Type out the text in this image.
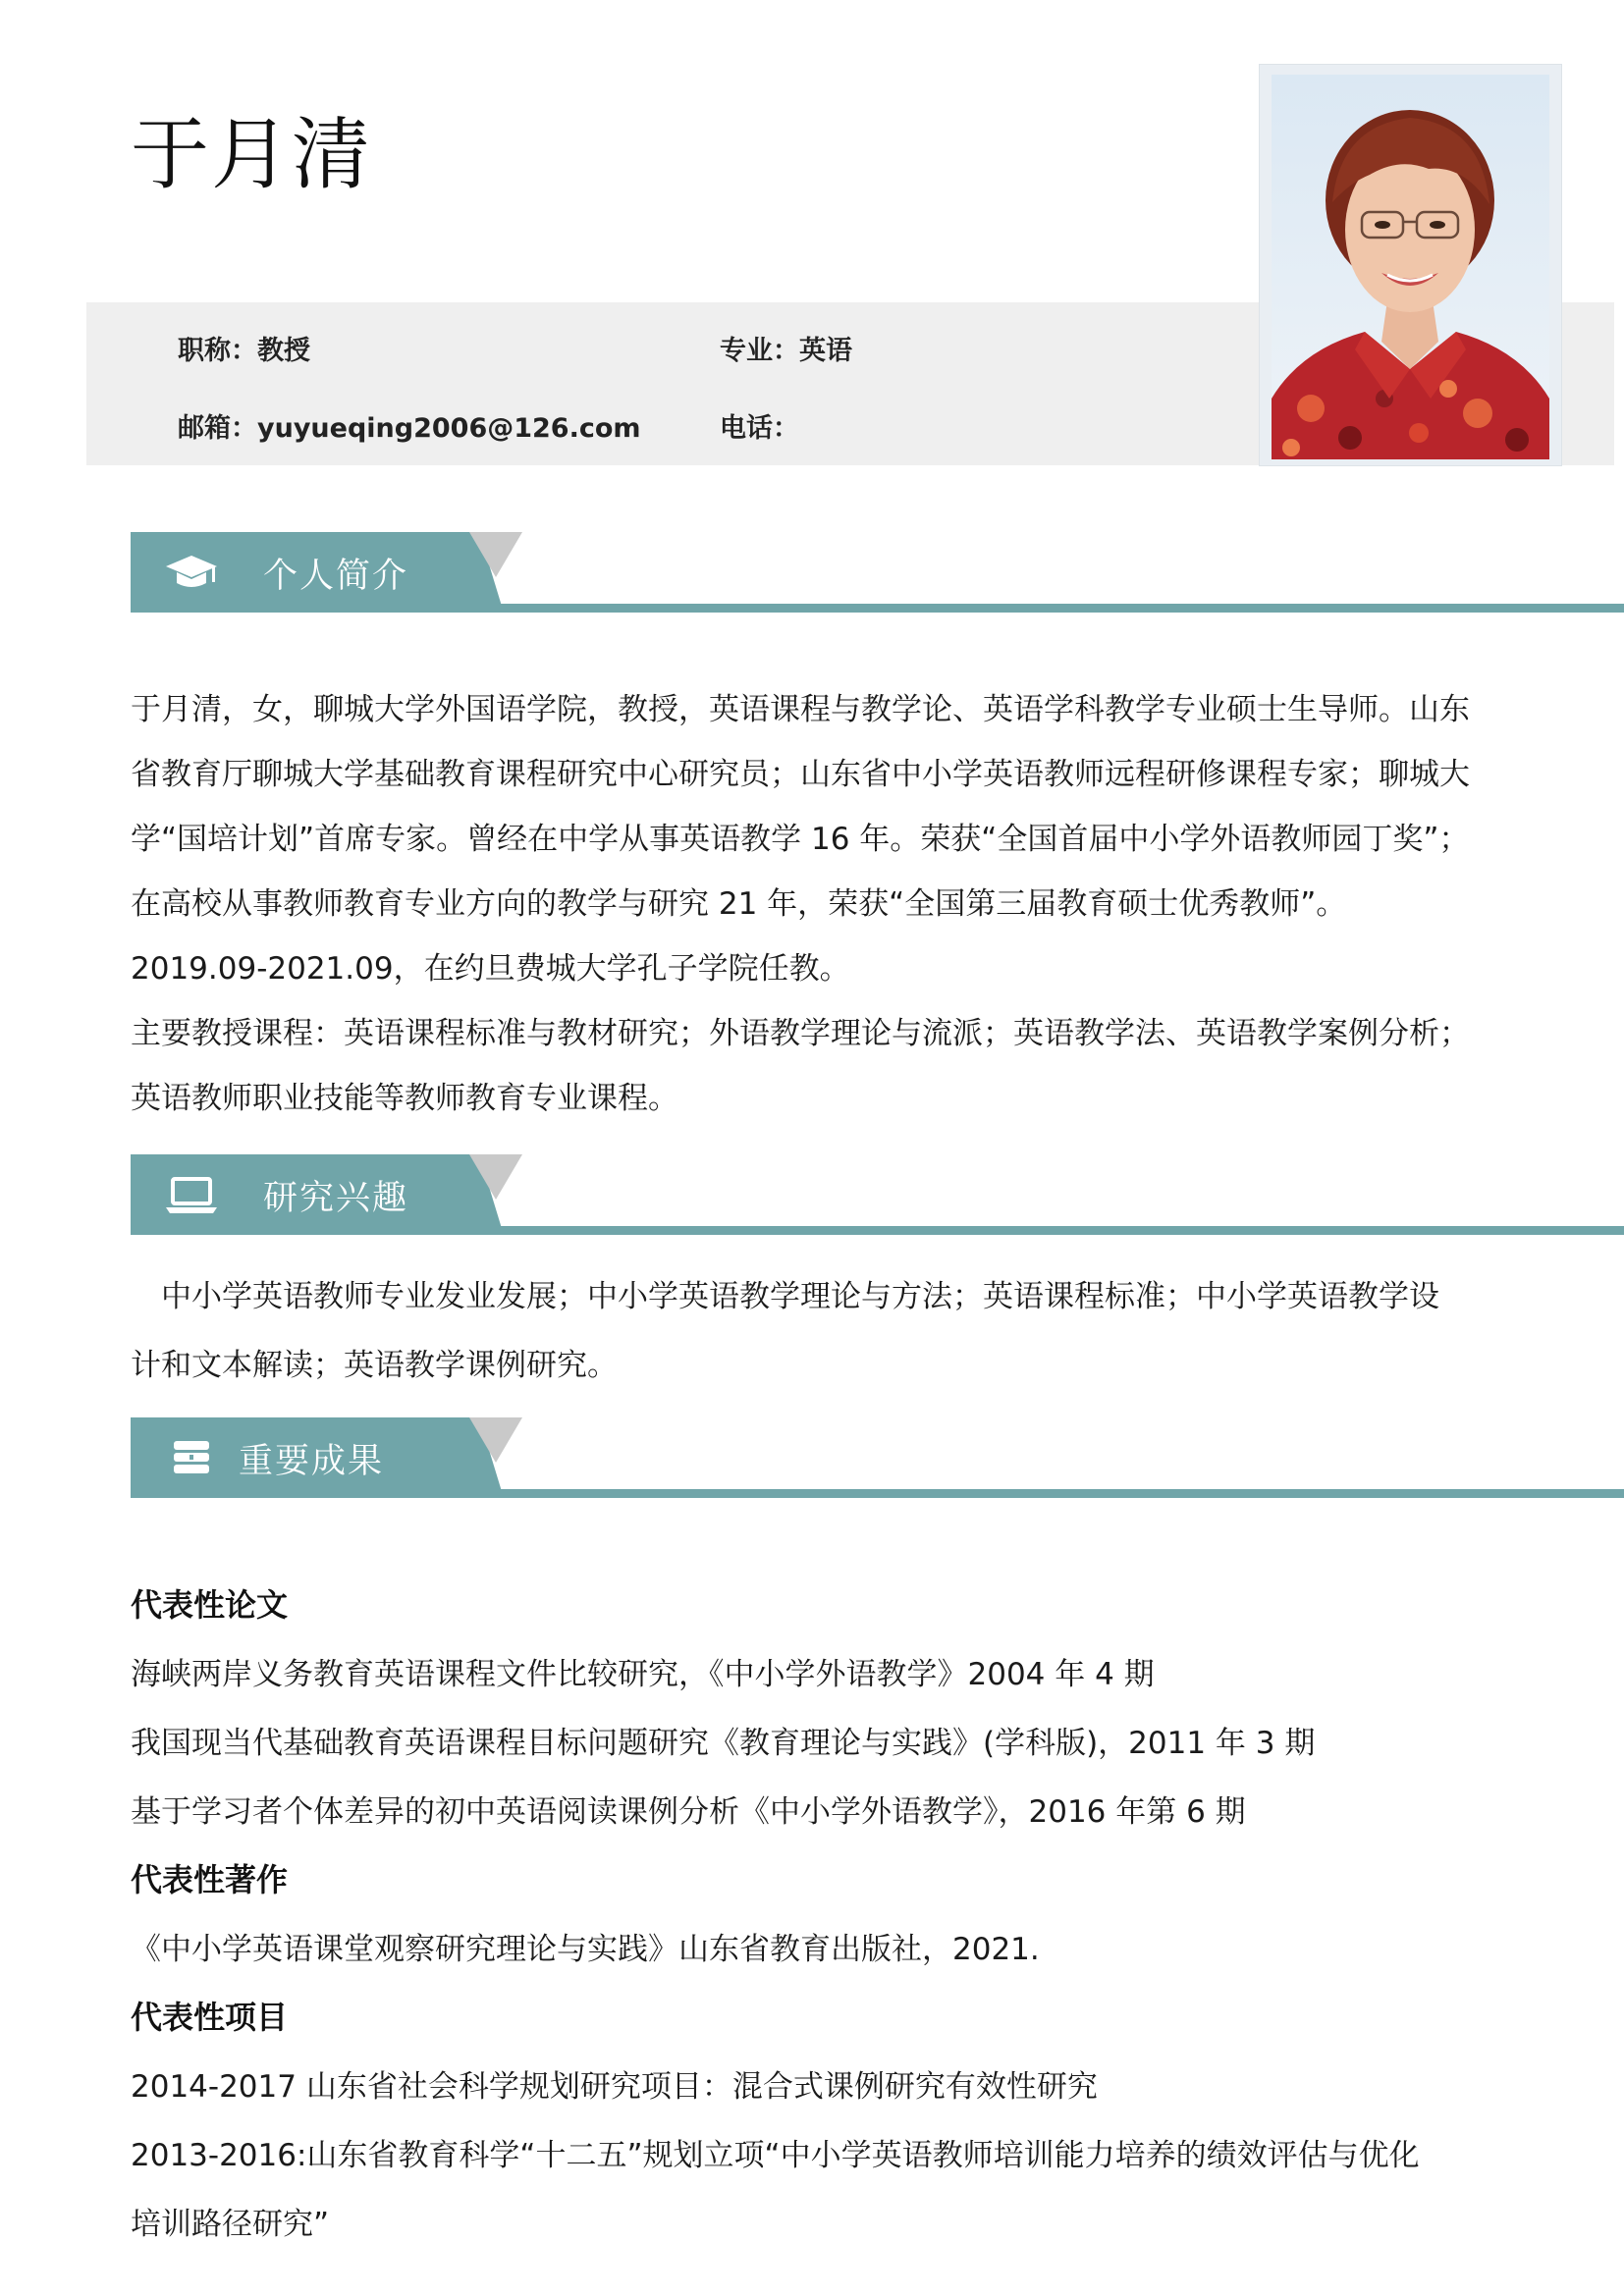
于月清
职称：教授	专业：英语
邮箱：yuyueqing2006@126.com	电话：
个人简介

于月清，女，聊城大学外国语学院，教授，英语课程与教学论、英语学科教学专业硕士生导师。山东

省教育厅聊城大学基础教育课程研究中心研究员；山东省中小学英语教师远程研修课程专家；聊城大

学“国培计划”首席专家。曾经在中学从事英语教学 16 年。荣获“全国首届中小学外语教师园丁奖”；

在高校从事教师教育专业方向的教学与研究 21 年，荣获“全国第三届教育硕士优秀教师”。

2019.09-2021.09，在约旦费城大学孔子学院任教。

主要教授课程：英语课程标准与教材研究；外语教学理论与流派；英语教学法、英语教学案例分析；

英语教师职业技能等教师教育专业课程。

研究兴趣

　中小学英语教师专业发业发展；中小学英语教学理论与方法；英语课程标准；中小学英语教学设

计和文本解读；英语教学课例研究。

重要成果
代表性论文
海峡两岸义务教育英语课程文件比较研究，《中小学外语教学》2004 年 4 期
我国现当代基础教育英语课程目标问题研究《教育理论与实践》(学科版)，2011 年 3 期
基于学习者个体差异的初中英语阅读课例分析《中小学外语教学》，2016 年第 6 期
代表性著作
《中小学英语课堂观察研究理论与实践》山东省教育出版社，2021.
代表性项目
2014-2017 山东省社会科学规划研究项目：混合式课例研究有效性研究
2013-2016:山东省教育科学“十二五”规划立项“中小学英语教师培训能力培养的绩效评估与优化
培训路径研究”
